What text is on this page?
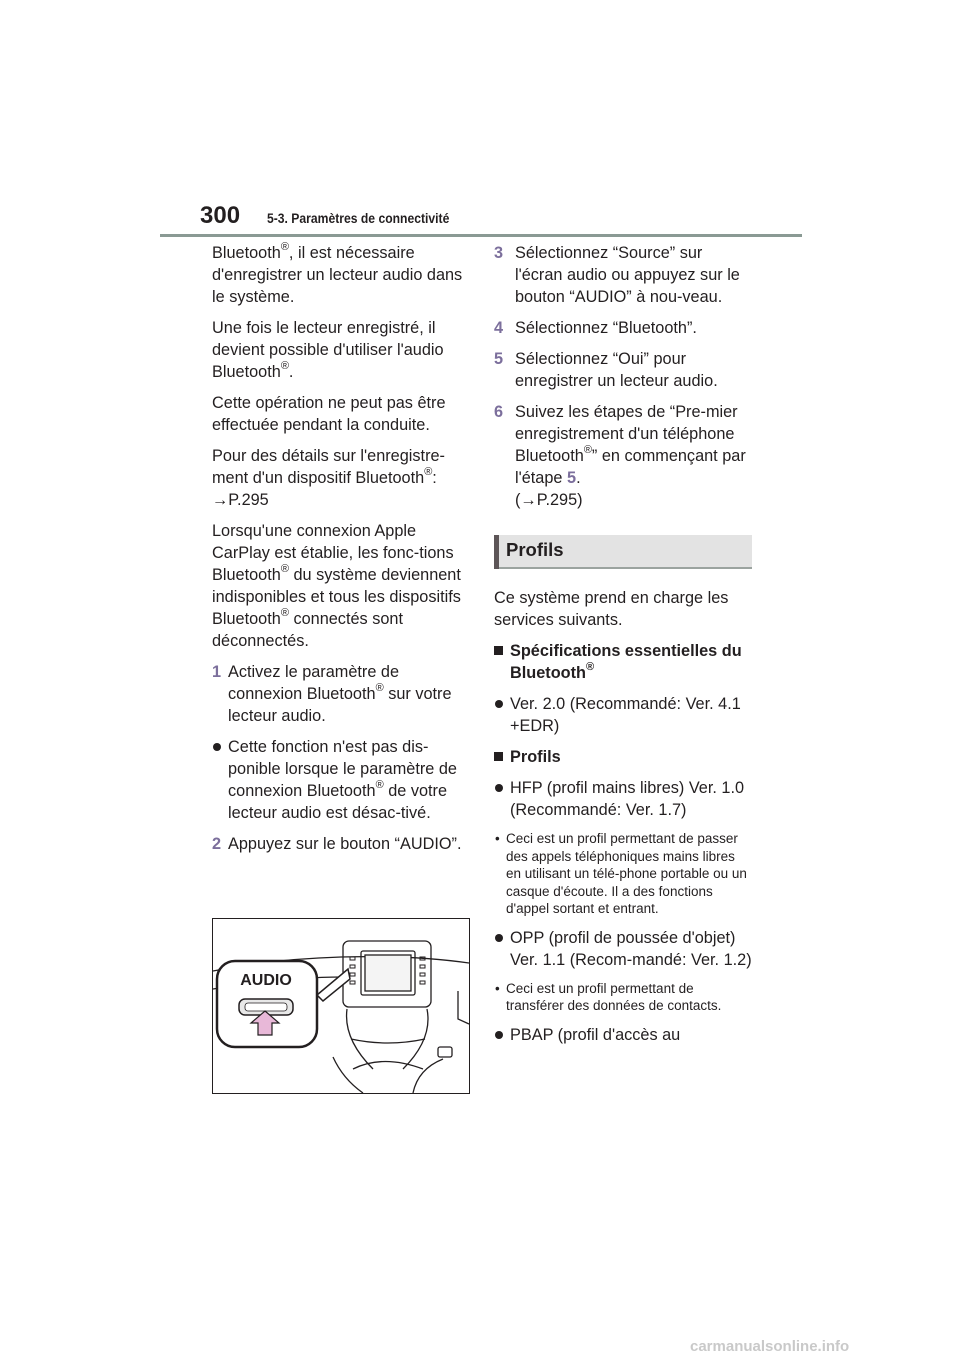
300 5-3. Paramètres de connectivité

Bluetooth®, il est nécessaire d'enregistrer un lecteur audio dans le système.

Une fois le lecteur enregistré, il devient possible d'utiliser l'audio Bluetooth®.

Cette opération ne peut pas être effectuée pendant la conduite.

Pour des détails sur l'enregistre-ment d'un dispositif Bluetooth®:
→P.295

Lorsqu'une connexion Apple CarPlay est établie, les fonc-tions Bluetooth® du système deviennent indisponibles et tous les dispositifs Bluetooth® connectés sont déconnectés.

1 Activez le paramètre de connexion Bluetooth® sur votre lecteur audio.
Cette fonction n'est pas dis-ponible lorsque le paramètre de connexion Bluetooth® de votre lecteur audio est désac-tivé.
2 Appuyez sur le bouton “AUDIO”.
AUDIO
3 Sélectionnez “Source” sur l'écran audio ou appuyez sur le bouton “AUDIO” à nou-veau.
4 Sélectionnez “Bluetooth”.
5 Sélectionnez “Oui” pour enregistrer un lecteur audio.
6 Suivez les étapes de “Pre-mier enregistrement d'un téléphone Bluetooth®” en commençant par l'étape 5.
(→P.295)
Profils

Ce système prend en charge les services suivants.

Spécifications essentielles du Bluetooth®
Ver. 2.0 (Recommandé: Ver. 4.1 +EDR)
Profils
HFP (profil mains libres) Ver. 1.0 (Recommandé: Ver. 1.7)
• Ceci est un profil permettant de passer des appels téléphoniques mains libres en utilisant un télé-phone portable ou un casque d'écoute. Il a des fonctions d'appel sortant et entrant.
OPP (profil de poussée d'objet) Ver. 1.1 (Recom-mandé: Ver. 1.2)
• Ceci est un profil permettant de transférer des données de contacts.
PBAP (profil d'accès au
carmanualsonline.info
